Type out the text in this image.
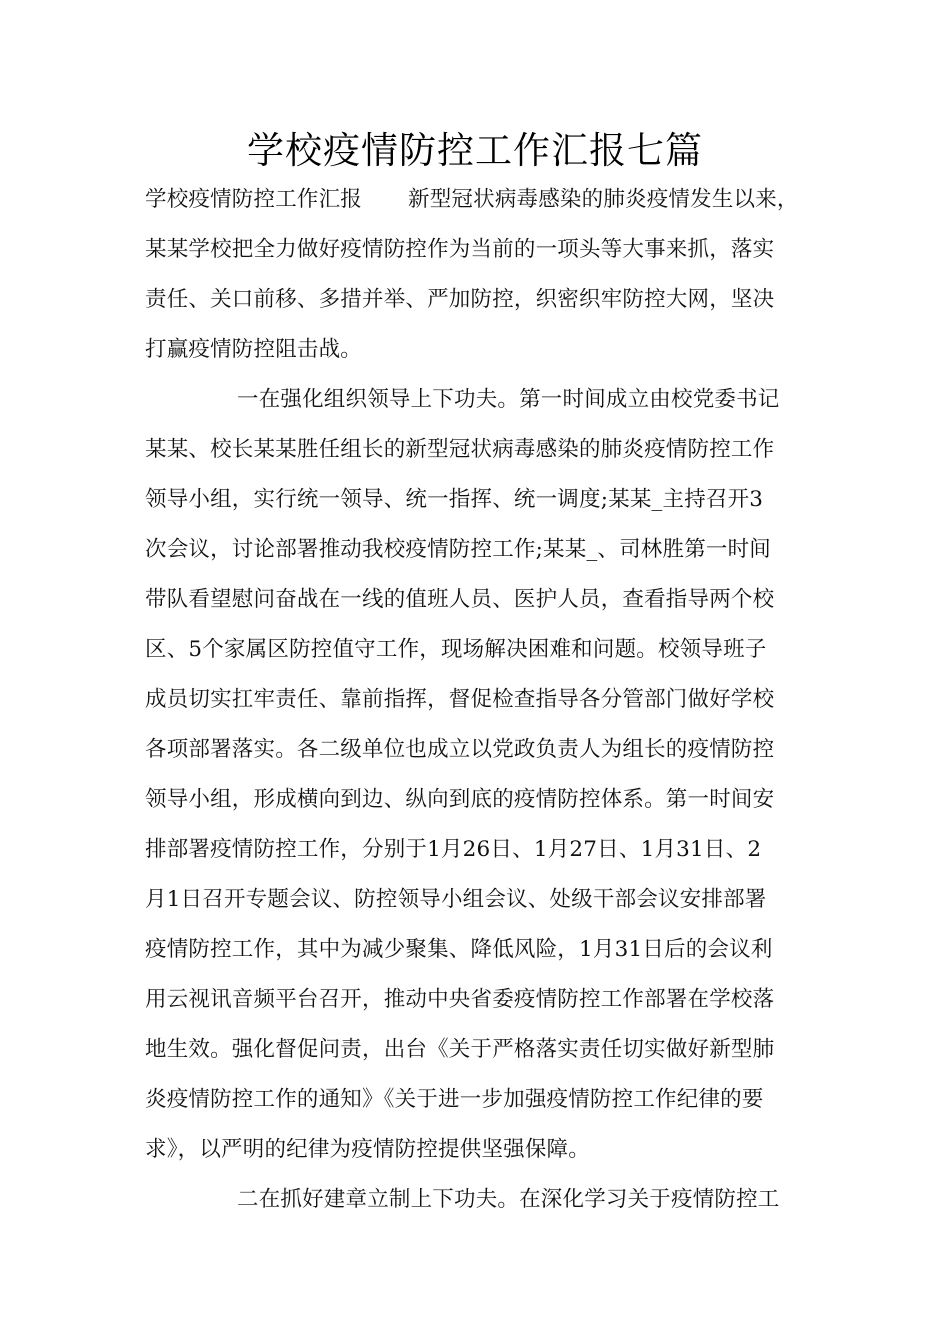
学校疫情防控工作汇报七篇
学校疫情防控工作汇报 新型冠状病毒感染的肺炎疫情发生以来，
某某学校把全力做好疫情防控作为当前的一项头等大事来抓，落实
责任、关口前移、多措并举、严加防控，织密织牢防控大网，坚决
打赢疫情防控阻击战。
一在强化组织领导上下功夫。第一时间成立由校党委书记
某某、校长某某胜任组长的新型冠状病毒感染的肺炎疫情防控工作
领导小组，实行统一领导、统一指挥、统一调度;某某_主持召开3
次会议，讨论部署推动我校疫情防控工作;某某_、司林胜第一时间
带队看望慰问奋战在一线的值班人员、医护人员，查看指导两个校
区、5个家属区防控值守工作，现场解决困难和问题。校领导班子
成员切实扛牢责任、靠前指挥，督促检查指导各分管部门做好学校
各项部署落实。各二级单位也成立以党政负责人为组长的疫情防控
领导小组，形成横向到边、纵向到底的疫情防控体系。第一时间安
排部署疫情防控工作，分别于1月26日、1月27日、1月31日、2
月1日召开专题会议、防控领导小组会议、处级干部会议安排部署
疫情防控工作，其中为减少聚集、降低风险，1月31日后的会议利
用云视讯音频平台召开，推动中央省委疫情防控工作部署在学校落
地生效。强化督促问责，出台《关于严格落实责任切实做好新型肺
炎疫情防控工作的通知》《关于进一步加强疫情防控工作纪律的要
求》，以严明的纪律为疫情防控提供坚强保障。
二在抓好建章立制上下功夫。在深化学习关于疫情防控工
